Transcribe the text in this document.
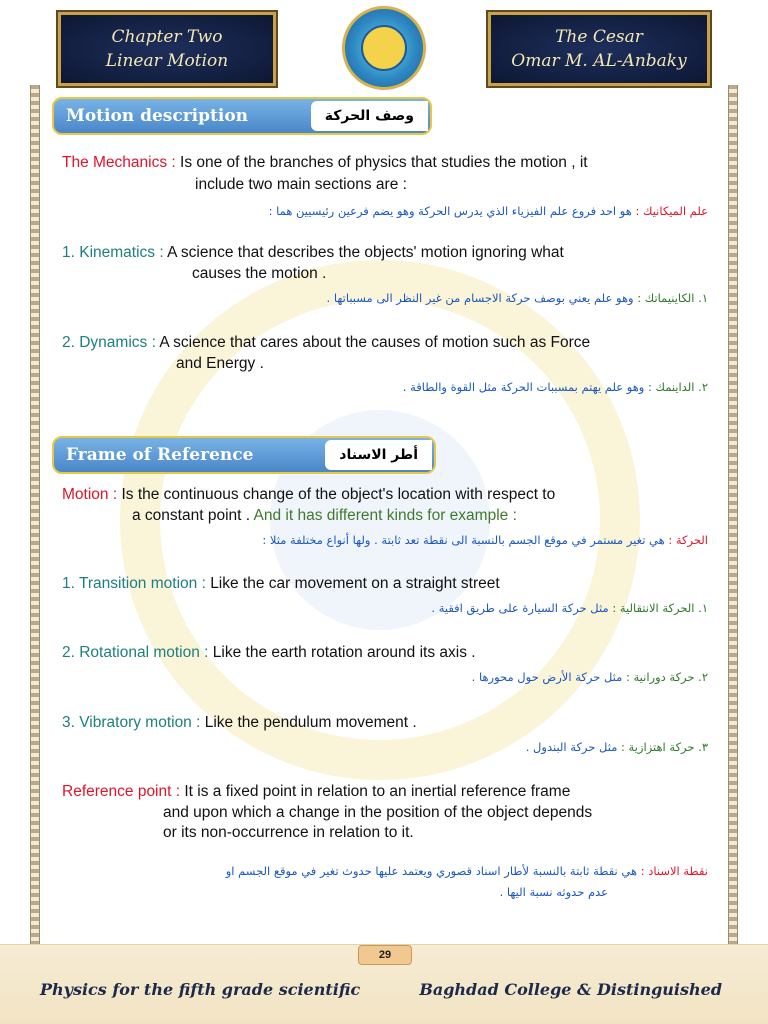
Chapter Two
Linear Motion
The Cesar
Omar M. AL-Anbaky
Motion description	وصف الحركة
The Mechanics : Is one of the branches of physics that studies the motion , it
include two main sections are :
علم الميكانيك : هو احد فروع علم الفيزياء الذي يدرس الحركة وهو يضم فرعين رئيسيين هما :
1. Kinematics : A science that describes the objects' motion ignoring what
causes the motion .
١. الكاينيماتك : وهو علم يعني بوصف حركة الاجسام من غير النظر الى مسبباتها .
2. Dynamics : A science that cares about the causes of motion such as Force
and Energy .
٢. الداينمك : وهو علم يهتم بمسببات الحركة مثل القوة والطاقة .
Frame of Reference	أطر الاسناد
Motion : Is the continuous change of the object's location with respect to
a constant point . And it has different kinds for example :
الحركة : هي تغير مستمر في موقع الجسم بالنسبة الى نقطة تعد ثابتة . ولها أنواع مختلفة مثلا :
1. Transition motion : Like the car movement on a straight street
١. الحركة الانتقالية : مثل حركة السيارة على طريق افقية .
2. Rotational motion : Like the earth rotation around its axis .
٢. حركة دورانية : مثل حركة الأرض حول محورها .
3. Vibratory motion : Like the pendulum movement .
٣. حركة اهتزازية : مثل حركة البندول .
Reference point : It is a fixed point in relation to an inertial reference frame
and upon which a change in the position of the object depends
or its non-occurrence in relation to it.
نقطة الاسناد : هي نقطة ثابتة بالنسبة لأطار اسناد قصوري ويعتمد عليها حدوث تغير في موقع الجسم او
عدم حدوثه نسبة اليها .
29
Physics for the fifth grade scientific	Baghdad College & Distinguished
